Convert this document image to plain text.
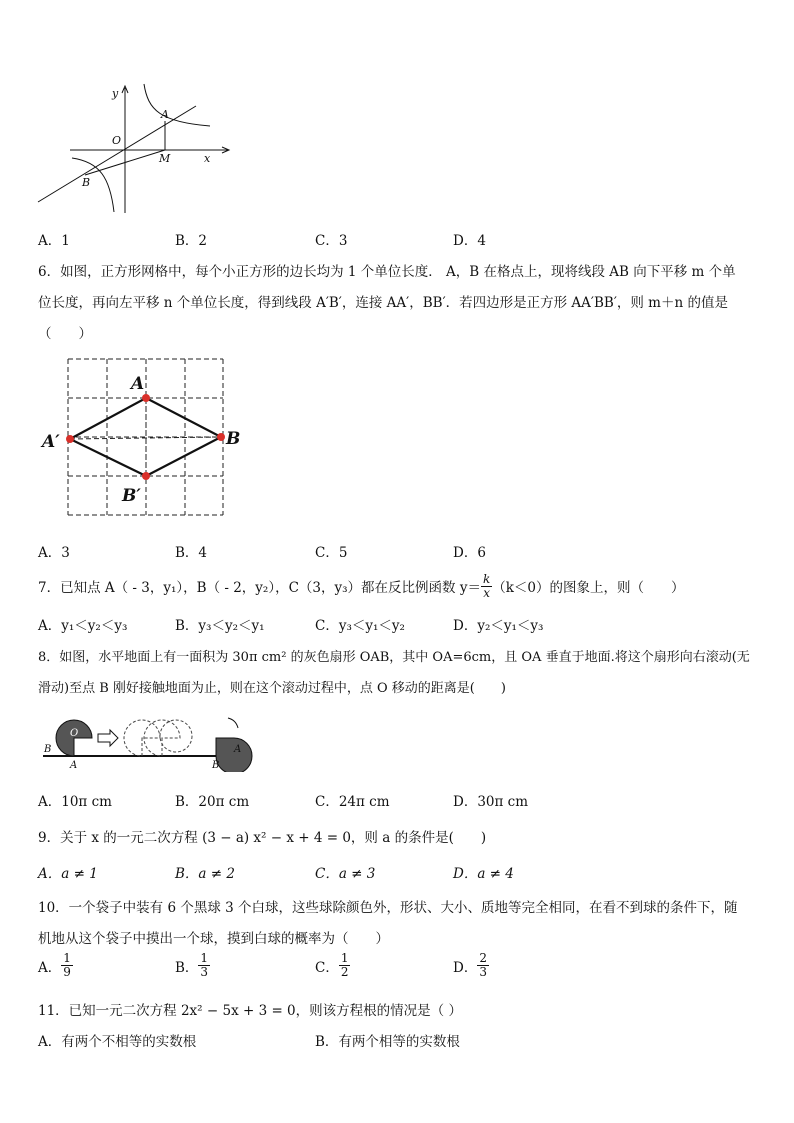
y
x
O
A
B
M
A．1	B．2	C．3	D．4
6．如图，正方形网格中，每个小正方形的边长均为 1 个单位长度． A，B 在格点上，现将线段 AB 向下平移 m 个单
位长度，再向左平移 n 个单位长度，得到线段 A′B′，连接 AA′，BB′．若四边形是正方形 AA′BB′，则 m＋n 的值是
（　　）
A
B
A′
B′
A．3	B．4	C．5	D．6
7．已知点 A（ - 3，y₁），B（ - 2，y₂），C（3，y₃）都在反比例函数 $y= \frac{k}{x} (k<0)$的图象上，则（　　）
A．y₁＜y₂＜y₃	B．y₃＜y₂＜y₁	C．y₃＜y₁＜y₂	D．y₂＜y₁＜y₃
8．如图，水平地面上有一面积为 30π cm² 的灰色扇形 OAB，其中 OA=6cm，且 OA 垂直于地面.将这个扇形向右滚动(无
滑动)至点 B 刚好接触地面为止，则在这个滚动过程中，点 O 移动的距离是(　　)
B
O
A
O
A
B
A．10π cm	B．20π cm	C．24π cm	D．30π cm
9．关于 x 的一元二次方程 (3 − a) x² − x + 4 = 0，则 a 的条件是(　　)
A．a ≠ 1	B．a ≠ 2	C．a ≠ 3	D．a ≠ 4
10．一个袋子中装有 6 个黑球 3 个白球，这些球除颜色外，形状、大小、质地等完全相同，在看不到球的条件下，随
机地从这个袋子中摸出一个球，摸到白球的概率为（　　）
A． $\frac{1}{9}$	B． $\frac{1}{3}$	C． $\frac{1}{2}$	D． $\frac{2}{3}$
11．已知一元二次方程 2x² − 5x + 3 = 0，则该方程根的情况是（ ）
A．有两个不相等的实数根	B．有两个相等的实数根
